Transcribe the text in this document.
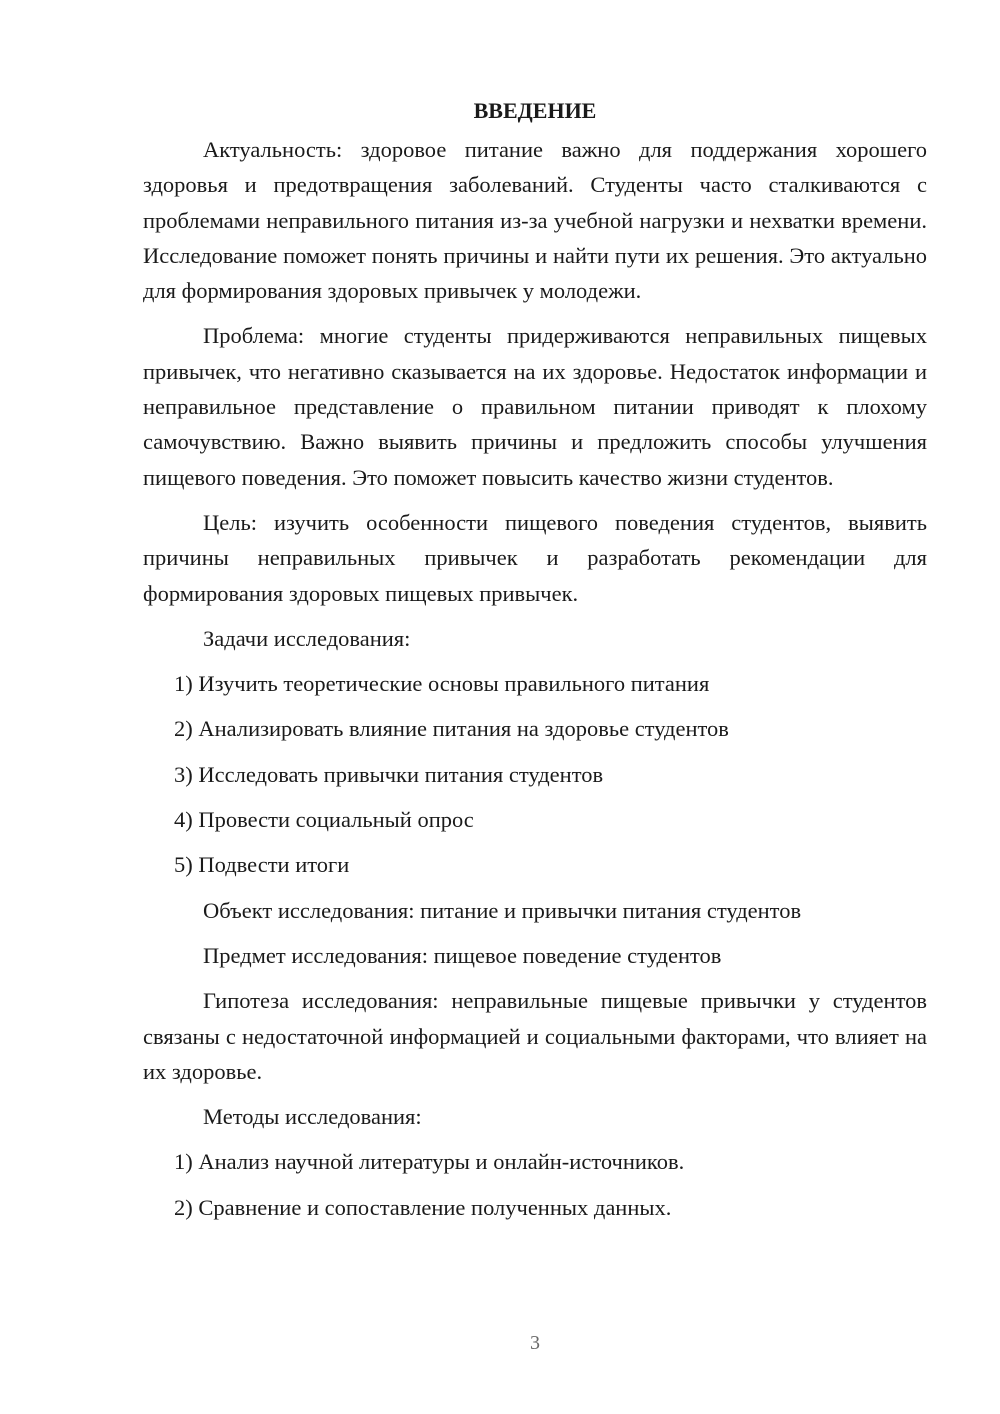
ВВЕДЕНИЕ

Актуальность: здоровое питание важно для поддержания хорошего здоровья и предотвращения заболеваний. Студенты часто сталкиваются с проблемами неправильного питания из-за учебной нагрузки и нехватки времени. Исследование поможет понять причины и найти пути их решения. Это актуально для формирования здоровых привычек у молодежи.

Проблема: многие студенты придерживаются неправильных пищевых привычек, что негативно сказывается на их здоровье. Недостаток информации и неправильное представление о правильном питании приводят к плохому самочувствию. Важно выявить причины и предложить способы улучшения пищевого поведения. Это поможет повысить качество жизни студентов.

Цель: изучить особенности пищевого поведения студентов, выявить причины неправильных привычек и разработать рекомендации для формирования здоровых пищевых привычек.

Задачи исследования:

1) Изучить теоретические основы правильного питания
2) Анализировать влияние питания на здоровье студентов
3) Исследовать привычки питания студентов
4) Провести социальный опрос
5) Подвести итоги

Объект исследования: питание и привычки питания студентов

Предмет исследования: пищевое поведение студентов

Гипотеза исследования: неправильные пищевые привычки у студентов связаны с недостаточной информацией и социальными факторами, что влияет на их здоровье.

Методы исследования:

1) Анализ научной литературы и онлайн-источников.
2) Сравнение и сопоставление полученных данных.
3
